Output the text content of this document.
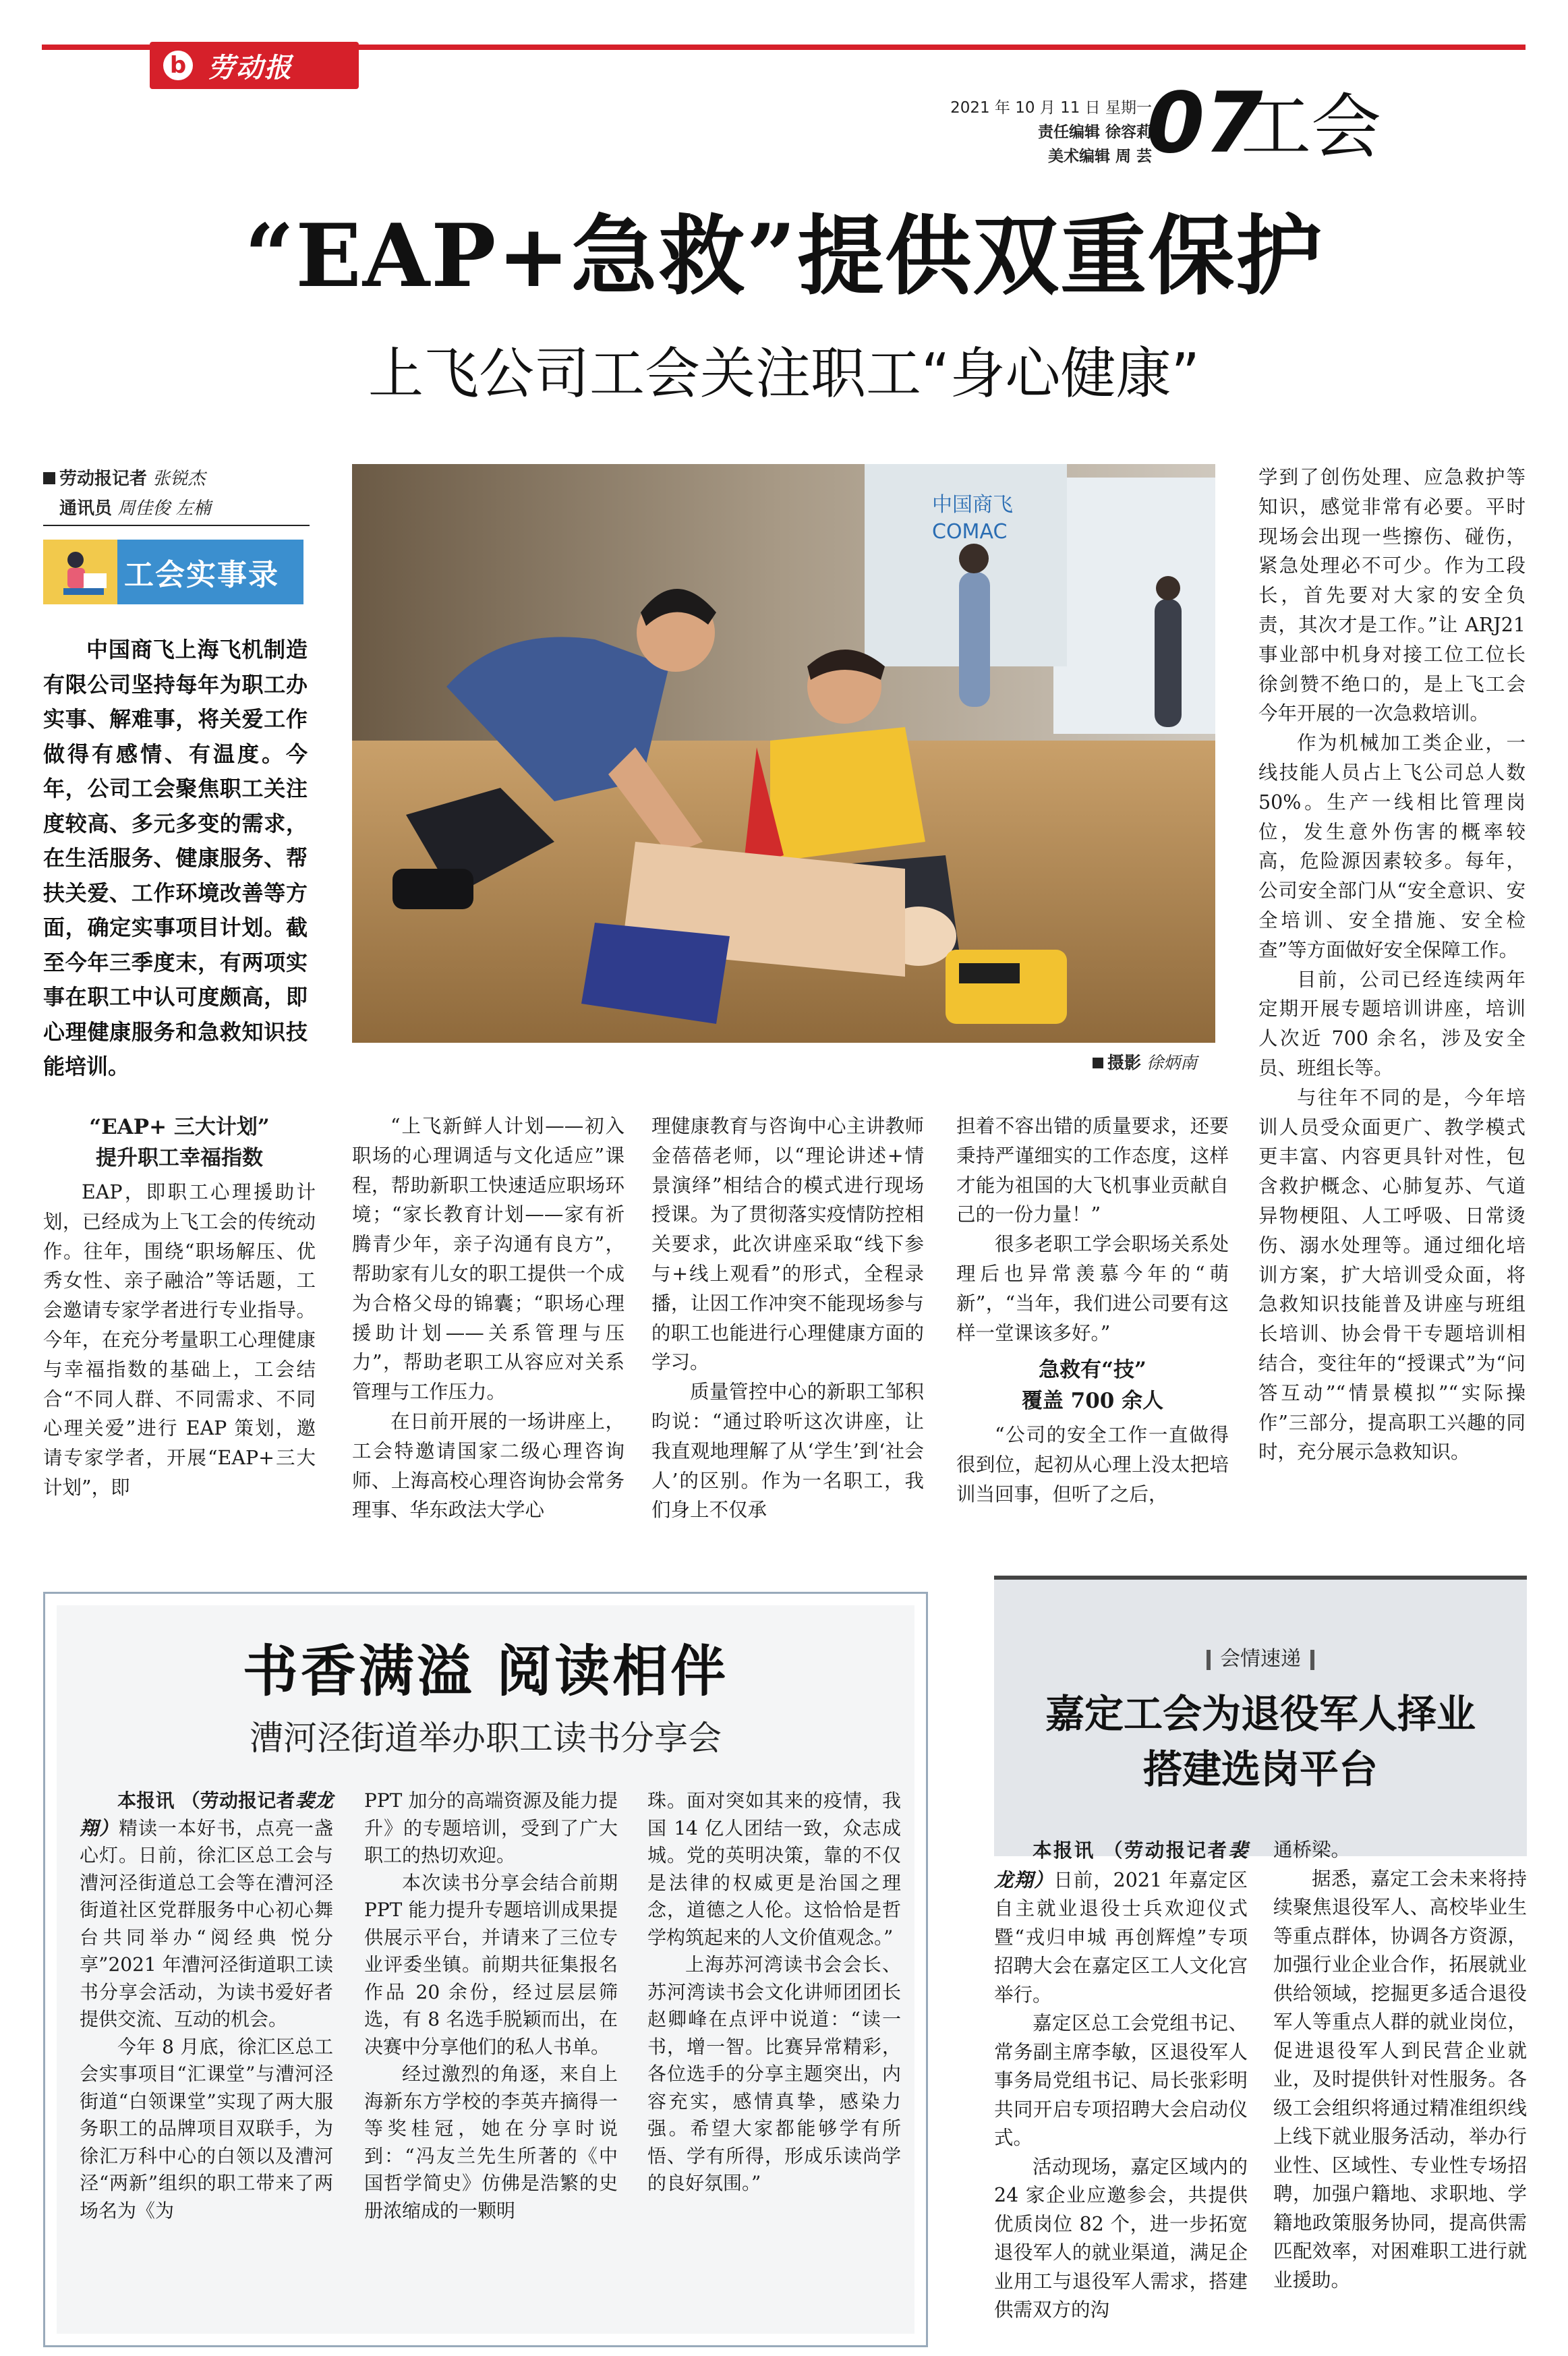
b 劳动报
2021 年 10 月 11 日 星期一
责任编辑 徐容莉
美术编辑 周 芸
07
工会
“EAP+急救”提供双重保护
上飞公司工会关注职工“身心健康”
劳动报记者 张锐杰
通讯员 周佳俊 左楠
工会实事录

中国商飞上海飞机制造有限公司坚持每年为职工办实事、解难事，将关爱工作做得有感情、有温度。今年，公司工会聚焦职工关注度较高、多元多变的需求，在生活服务、健康服务、帮扶关爱、工作环境改善等方面，确定实事项目计划。截至今年三季度末，有两项实事在职工中认可度颇高，即心理健康服务和急救知识技能培训。

中国商飞
COMAC
摄影 徐炳南

学到了创伤处理、应急救护等知识，感觉非常有必要。平时现场会出现一些擦伤、碰伤，紧急处理必不可少。作为工段长，首先要对大家的安全负责，其次才是工作。”让 ARJ21 事业部中机身对接工位工位长徐剑赞不绝口的，是上飞工会今年开展的一次急救培训。

作为机械加工类企业，一线技能人员占上飞公司总人数 50%。生产一线相比管理岗位，发生意外伤害的概率较高，危险源因素较多。每年，公司安全部门从“安全意识、安全培训、安全措施、安全检查”等方面做好安全保障工作。

目前，公司已经连续两年定期开展专题培训讲座，培训人次近 700 余名，涉及安全员、班组长等。

与往年不同的是，今年培训人员受众面更广、教学模式更丰富、内容更具针对性，包含救护概念、心肺复苏、气道异物梗阻、人工呼吸、日常烫伤、溺水处理等。通过细化培训方案，扩大培训受众面，将急救知识技能普及讲座与班组长培训、协会骨干专题培训相结合，变往年的“授课式”为“问答互动”“情景模拟”“实际操作”三部分，提高职工兴趣的同时，充分展示急救知识。

“EAP+ 三大计划”
提升职工幸福指数

EAP，即职工心理援助计划，已经成为上飞工会的传统动作。往年，围绕“职场解压、优秀女性、亲子融洽”等话题，工会邀请专家学者进行专业指导。今年，在充分考量职工心理健康与幸福指数的基础上，工会结合“不同人群、不同需求、不同心理关爱”进行 EAP 策划，邀请专家学者，开展“EAP+三大计划”，即

“上飞新鲜人计划——初入职场的心理调适与文化适应”课程，帮助新职工快速适应职场环境；“家长教育计划——家有祈腾青少年，亲子沟通有良方”，帮助家有儿女的职工提供一个成为合格父母的锦囊；“职场心理援助计划——关系管理与压力”，帮助老职工从容应对关系管理与工作压力。

在日前开展的一场讲座上，工会特邀请国家二级心理咨询师、上海高校心理咨询协会常务理事、华东政法大学心

理健康教育与咨询中心主讲教师金蓓蓓老师，以“理论讲述+情景演绎”相结合的模式进行现场授课。为了贯彻落实疫情防控相关要求，此次讲座采取“线下参与+线上观看”的形式，全程录播，让因工作冲突不能现场参与的职工也能进行心理健康方面的学习。

质量管控中心的新职工邹积昀说：“通过聆听这次讲座，让我直观地理解了从‘学生’到‘社会人’的区别。作为一名职工，我们身上不仅承

担着不容出错的质量要求，还要秉持严谨细实的工作态度，这样才能为祖国的大飞机事业贡献自己的一份力量！”

很多老职工学会职场关系处理后也异常羡慕今年的“萌新”，“当年，我们进公司要有这样一堂课该多好。”

急救有“技”
覆盖 700 余人

“公司的安全工作一直做得很到位，起初从心理上没太把培训当回事，但听了之后，

书香满溢 阅读相伴
漕河泾街道举办职工读书分享会

本报讯 （劳动报记者裴龙翔）精读一本好书，点亮一盏心灯。日前，徐汇区总工会与漕河泾街道总工会等在漕河泾街道社区党群服务中心初心舞台共同举办“阅经典 悦分享”2021 年漕河泾街道职工读书分享会活动，为读书爱好者提供交流、互动的机会。

今年 8 月底，徐汇区总工会实事项目“汇课堂”与漕河泾街道“白领课堂”实现了两大服务职工的品牌项目双联手，为徐汇万科中心的白领以及漕河泾“两新”组织的职工带来了两场名为《为

PPT 加分的高端资源及能力提升》的专题培训，受到了广大职工的热切欢迎。

本次读书分享会结合前期 PPT 能力提升专题培训成果提供展示平台，并请来了三位专业评委坐镇。前期共征集报名作品 20 余份，经过层层筛选，有 8 名选手脱颖而出，在决赛中分享他们的私人书单。

经过激烈的角逐，来自上海新东方学校的李英卉摘得一等奖桂冠，她在分享时说到：“冯友兰先生所著的《中国哲学简史》仿佛是浩繁的史册浓缩成的一颗明

珠。面对突如其来的疫情，我国 14 亿人团结一致，众志成城。党的英明决策，靠的不仅是法律的权威更是治国之理念，道德之人伦。这恰恰是哲学构筑起来的人文价值观念。”

上海苏河湾读书会会长、苏河湾读书会文化讲师团团长赵卿峰在点评中说道：“读一书，增一智。比赛异常精彩，各位选手的分享主题突出，内容充实，感情真挚，感染力强。希望大家都能够学有所悟、学有所得，形成乐读尚学的良好氛围。”

会情速递
嘉定工会为退役军人择业
搭建选岗平台

本报讯 （劳动报记者裴龙翔）日前，2021 年嘉定区自主就业退役士兵欢迎仪式暨“戎归申城 再创辉煌”专项招聘大会在嘉定区工人文化宫举行。

嘉定区总工会党组书记、常务副主席李敏，区退役军人事务局党组书记、局长张彩明共同开启专项招聘大会启动仪式。

活动现场，嘉定区域内的 24 家企业应邀参会，共提供优质岗位 82 个，进一步拓宽退役军人的就业渠道，满足企业用工与退役军人需求，搭建供需双方的沟

通桥梁。

据悉，嘉定工会未来将持续聚焦退役军人、高校毕业生等重点群体，协调各方资源，加强行业企业合作，拓展就业供给领域，挖掘更多适合退役军人等重点人群的就业岗位，促进退役军人到民营企业就业，及时提供针对性服务。各级工会组织将通过精准组织线上线下就业服务活动，举办行业性、区域性、专业性专场招聘，加强户籍地、求职地、学籍地政策服务协同，提高供需匹配效率，对困难职工进行就业援助。
